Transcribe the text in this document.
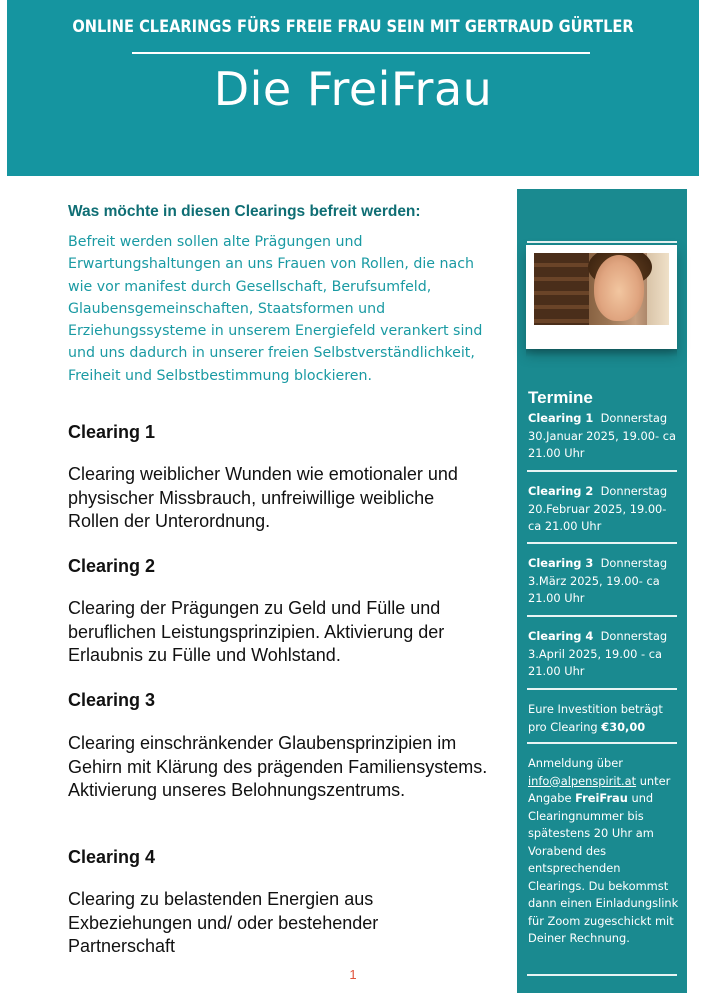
ONLINE CLEARINGS FÜRS FREIE FRAU SEIN MIT GERTRAUD GÜRTLER
Die FreiFrau
Was möchte in diesen Clearings befreit werden:
Befreit werden sollen alte Prägungen und Erwartungshaltungen an uns Frauen von Rollen, die nach wie vor manifest durch Gesellschaft, Berufsumfeld, Glaubensgemeinschaften, Staatsformen und Erziehungssysteme in unserem Energiefeld verankert sind und uns dadurch in unserer freien Selbstverständlichkeit, Freiheit und Selbstbestimmung blockieren.
Clearing 1
Clearing weiblicher Wunden wie emotionaler und physischer Missbrauch, unfreiwillige weibliche Rollen der Unterordnung.
Clearing 2
Clearing der Prägungen zu Geld und Fülle und beruflichen Leistungsprinzipien. Aktivierung der Erlaubnis zu Fülle und Wohlstand.
Clearing 3
Clearing einschränkender Glaubensprinzipien im Gehirn mit Klärung des prägenden Familiensystems. Aktivierung unseres Belohnungszentrums.
Clearing 4
Clearing zu belastenden Energien aus Exbeziehungen und/ oder bestehender Partnerschaft
1
Termine
Clearing 1 Donnerstag 30.Januar 2025, 19.00- ca 21.00 Uhr
Clearing 2 Donnerstag 20.Februar 2025, 19.00- ca 21.00 Uhr
Clearing 3 Donnerstag 3.März 2025, 19.00- ca 21.00 Uhr
Clearing 4 Donnerstag 3.April 2025, 19.00 - ca 21.00 Uhr
Eure Investition beträgt pro Clearing €30,00
Anmeldung über info@alpenspirit.at unter Angabe FreiFrau und Clearingnummer bis spätestens 20 Uhr am Vorabend des entsprechenden Clearings. Du bekommst dann einen Einladungslink für Zoom zugeschickt mit Deiner Rechnung.
